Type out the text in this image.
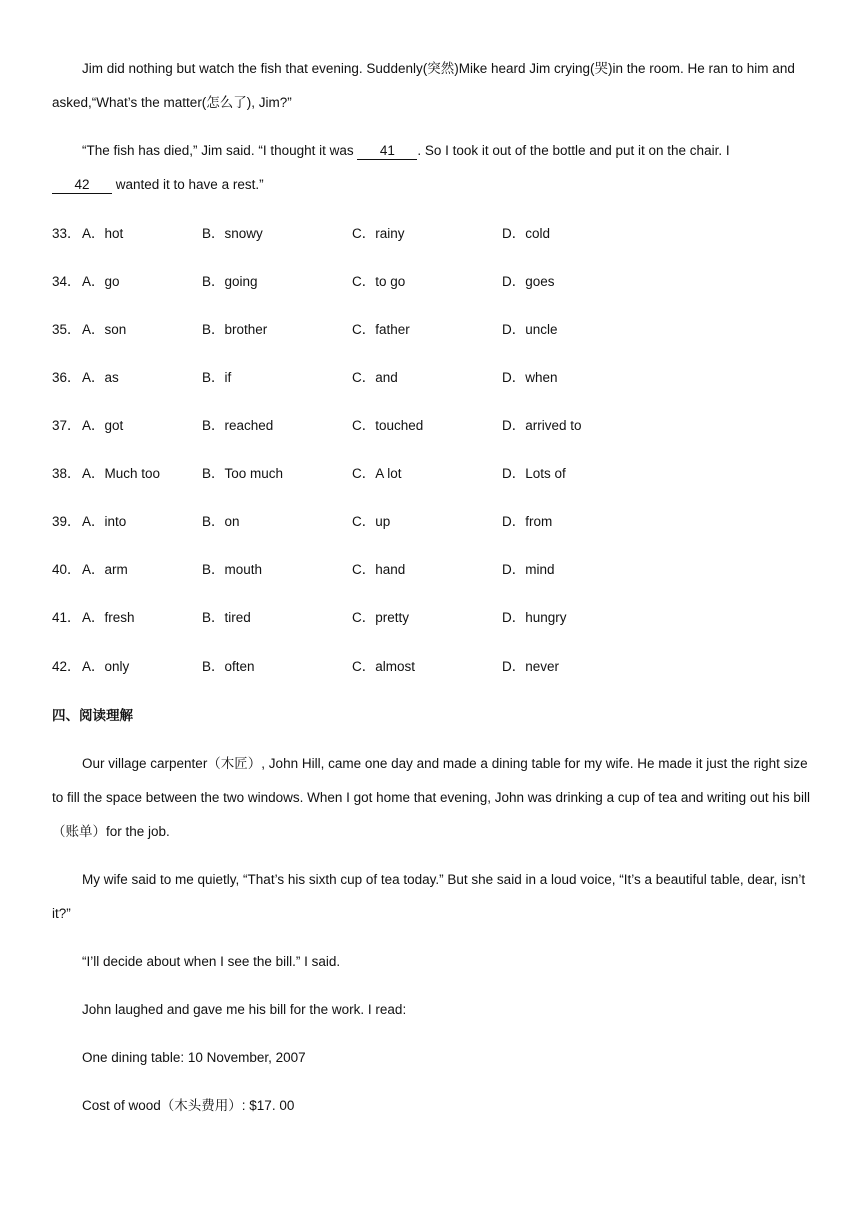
Jim did nothing but watch the fish that evening. Suddenly(突然)Mike heard Jim crying(哭)in the room. He ran to him and asked,“What’s the matter(怎么了), Jim?”

“The fish has died,” Jim said. “I thought it was 41 . So I took it out of the bottle and put it on the chair. I
42 wanted it to have a rest.”

33． A．hot	B．snowy	C．rainy	D．cold
34． A．go	B．going	C．to go	D．goes
35． A．son	B．brother	C．father	D．uncle
36． A．as	B．if	C．and	D．when
37． A．got	B．reached	C．touched	D．arrived to
38． A．Much too	B．Too much	C．A lot	D．Lots of
39． A．into	B．on	C．up	D．from
40． A．arm	B．mouth	C．hand	D．mind
41． A．fresh	B．tired	C．pretty	D．hungry
42． A．only	B．often	C．almost	D．never
四、阅读理解

Our village carpenter（木匠）, John Hill, came one day and made a dining table for my wife. He made it just the right size to fill the space between the two windows. When I got home that evening, John was drinking a cup of tea and writing out his bill（账单）for the job.

My wife said to me quietly, “That’s his sixth cup of tea today.” But she said in a loud voice, “It’s a beautiful table, dear, isn’t it?”

“I’ll decide about when I see the bill.” I said.
John laughed and gave me his bill for the work. I read:
One dining table: 10 November, 2007
Cost of wood（木头费用）: $17. 00
